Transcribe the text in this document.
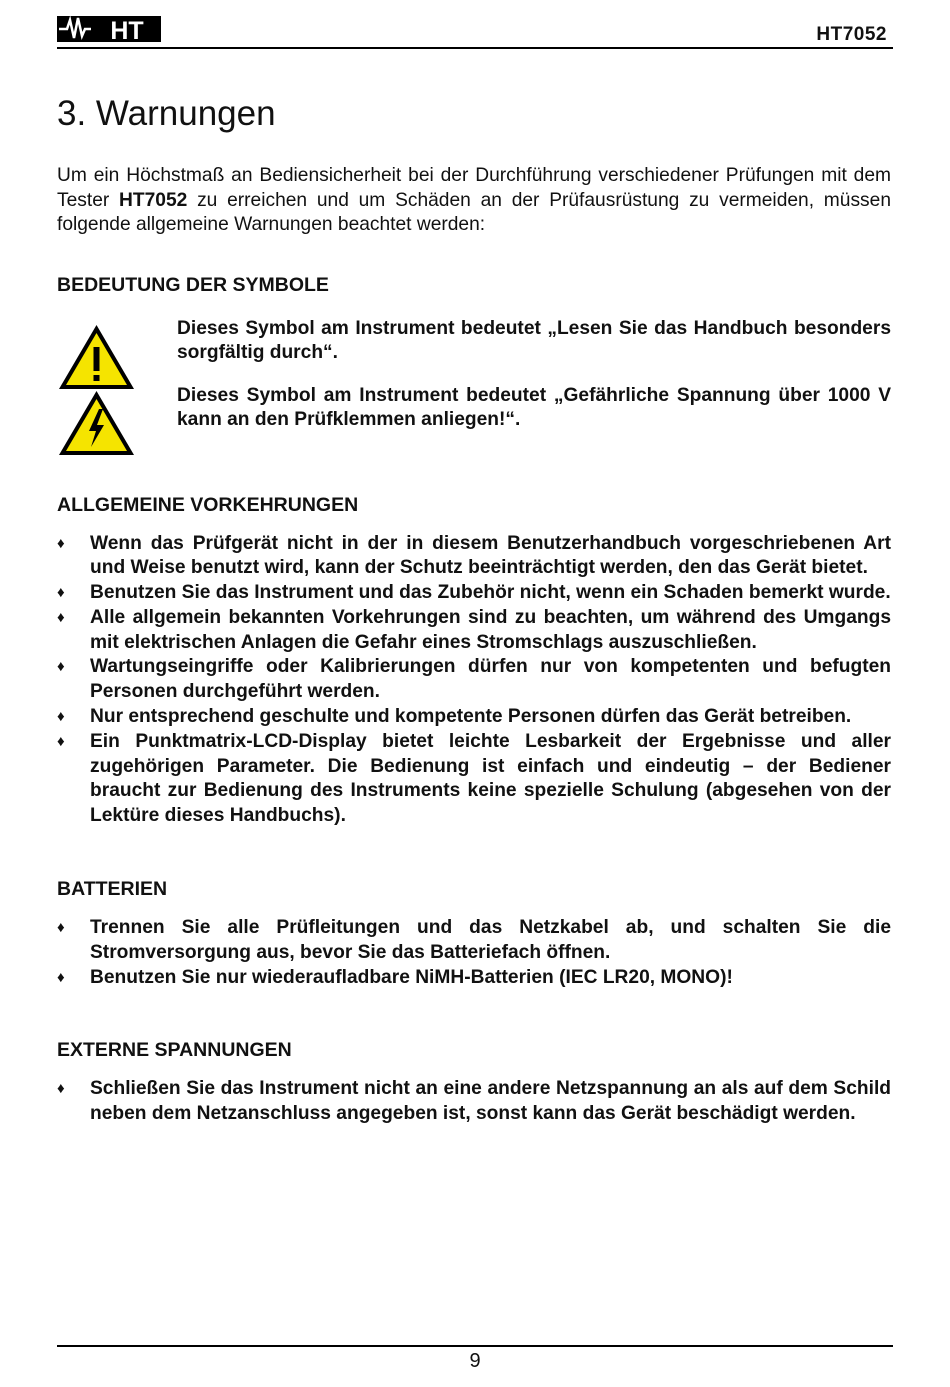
HT	HT7052
3. Warnungen

Um ein Höchstmaß an Bediensicherheit bei der Durchführung verschiedener Prüfungen mit dem Tester HT7052 zu erreichen und um Schäden an der Prüfausrüstung zu vermeiden, müssen folgende allgemeine Warnungen beachtet werden:

BEDEUTUNG DER SYMBOLE
Dieses Symbol am Instrument bedeutet „Lesen Sie das Handbuch besonders sorgfältig durch“.
Dieses Symbol am Instrument bedeutet „Gefährliche Spannung über 1000 V kann an den Prüfklemmen anliegen!“.
ALLGEMEINE VORKEHRUNGEN
♦ Wenn das Prüfgerät nicht in der in diesem Benutzerhandbuch vorgeschriebenen Art und Weise benutzt wird, kann der Schutz beeinträchtigt werden, den das Gerät bietet.
♦ Benutzen Sie das Instrument und das Zubehör nicht, wenn ein Schaden bemerkt wurde.
♦ Alle allgemein bekannten Vorkehrungen sind zu beachten, um während des Umgangs mit elektrischen Anlagen die Gefahr eines Stromschlags auszuschließen.
♦ Wartungseingriffe oder Kalibrierungen dürfen nur von kompetenten und befugten Personen durchgeführt werden.
♦ Nur entsprechend geschulte und kompetente Personen dürfen das Gerät betreiben.
♦ Ein Punktmatrix-LCD-Display bietet leichte Lesbarkeit der Ergebnisse und aller zugehörigen Parameter. Die Bedienung ist einfach und eindeutig – der Bediener braucht zur Bedienung des Instruments keine spezielle Schulung (abgesehen von der Lektüre dieses Handbuchs).
BATTERIEN
♦ Trennen Sie alle Prüfleitungen und das Netzkabel ab, und schalten Sie die Stromversorgung aus, bevor Sie das Batteriefach öffnen.
♦ Benutzen Sie nur wiederaufladbare NiMH-Batterien (IEC LR20, MONO)!
EXTERNE SPANNUNGEN
♦ Schließen Sie das Instrument nicht an eine andere Netzspannung an als auf dem Schild neben dem Netzanschluss angegeben ist, sonst kann das Gerät beschädigt werden.
9
